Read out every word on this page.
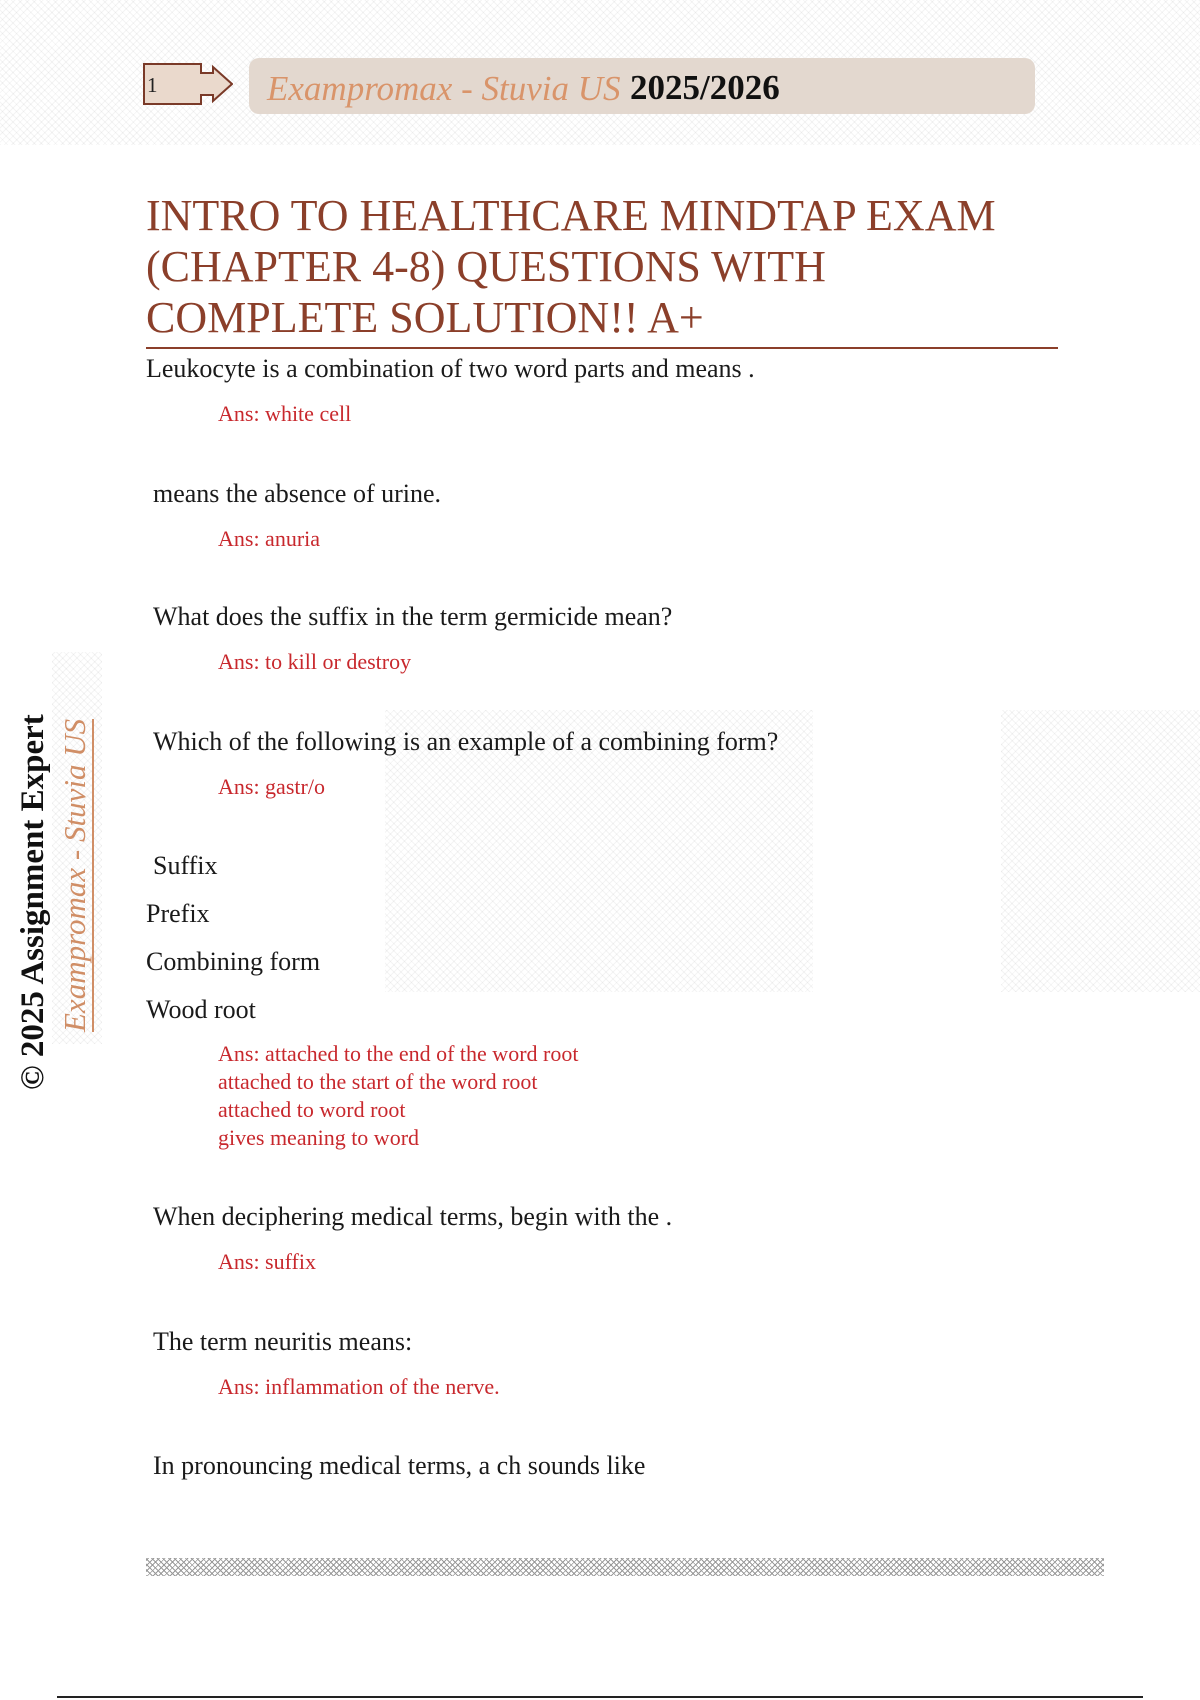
1	Exampromax - Stuvia US 2025/2026
INTRO TO HEALTHCARE MINDTAP EXAM (CHAPTER 4-8) QUESTIONS WITH COMPLETE SOLUTION!! A+
Leukocyte is a combination of two word parts and means .
Ans: white cell
means the absence of urine.
Ans: anuria
What does the suffix in the term germicide mean?
Ans: to kill or destroy
Which of the following is an example of a combining form?
Ans: gastr/o
Suffix
Prefix
Combining form
Wood root
Ans: attached to the end of the word root
attached to the start of the word root
attached to word root
gives meaning to word
When deciphering medical terms, begin with the .
Ans: suffix
The term neuritis means:
Ans: inflammation of the nerve.
In pronouncing medical terms, a ch sounds like
© 2025 Assignment Expert Exampromax - Stuvia US
